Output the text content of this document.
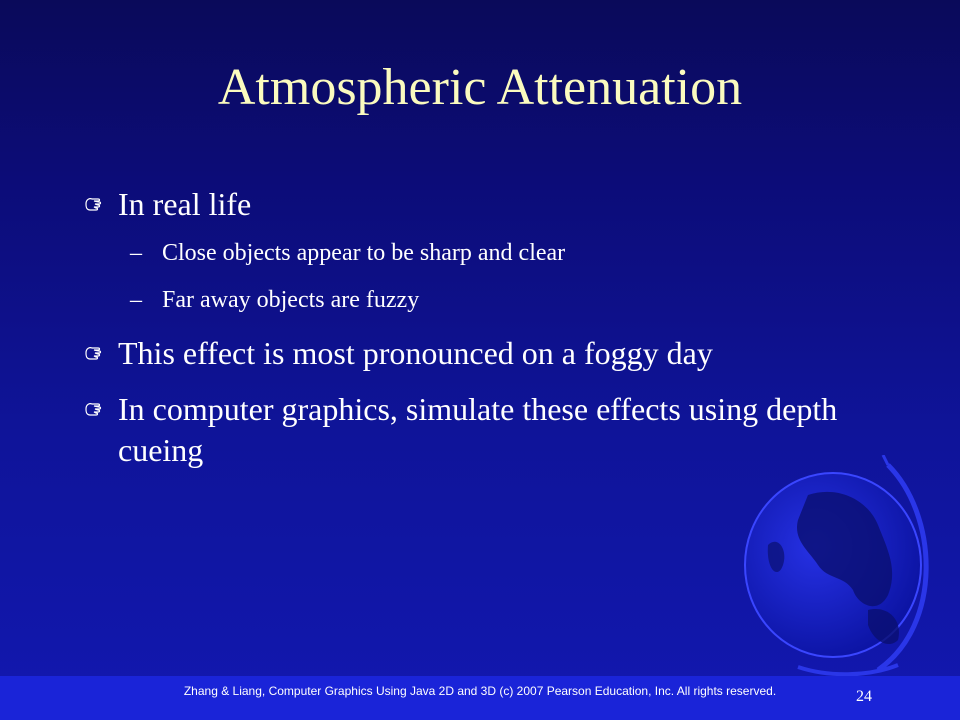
Atmospheric Attenuation
In real life
– Close objects appear to be sharp and clear
– Far away objects are fuzzy
This effect is most pronounced on a foggy day
In computer graphics, simulate these effects using depth cueing
Zhang & Liang, Computer Graphics Using Java 2D and 3D (c) 2007 Pearson Education, Inc. All rights reserved.	24
